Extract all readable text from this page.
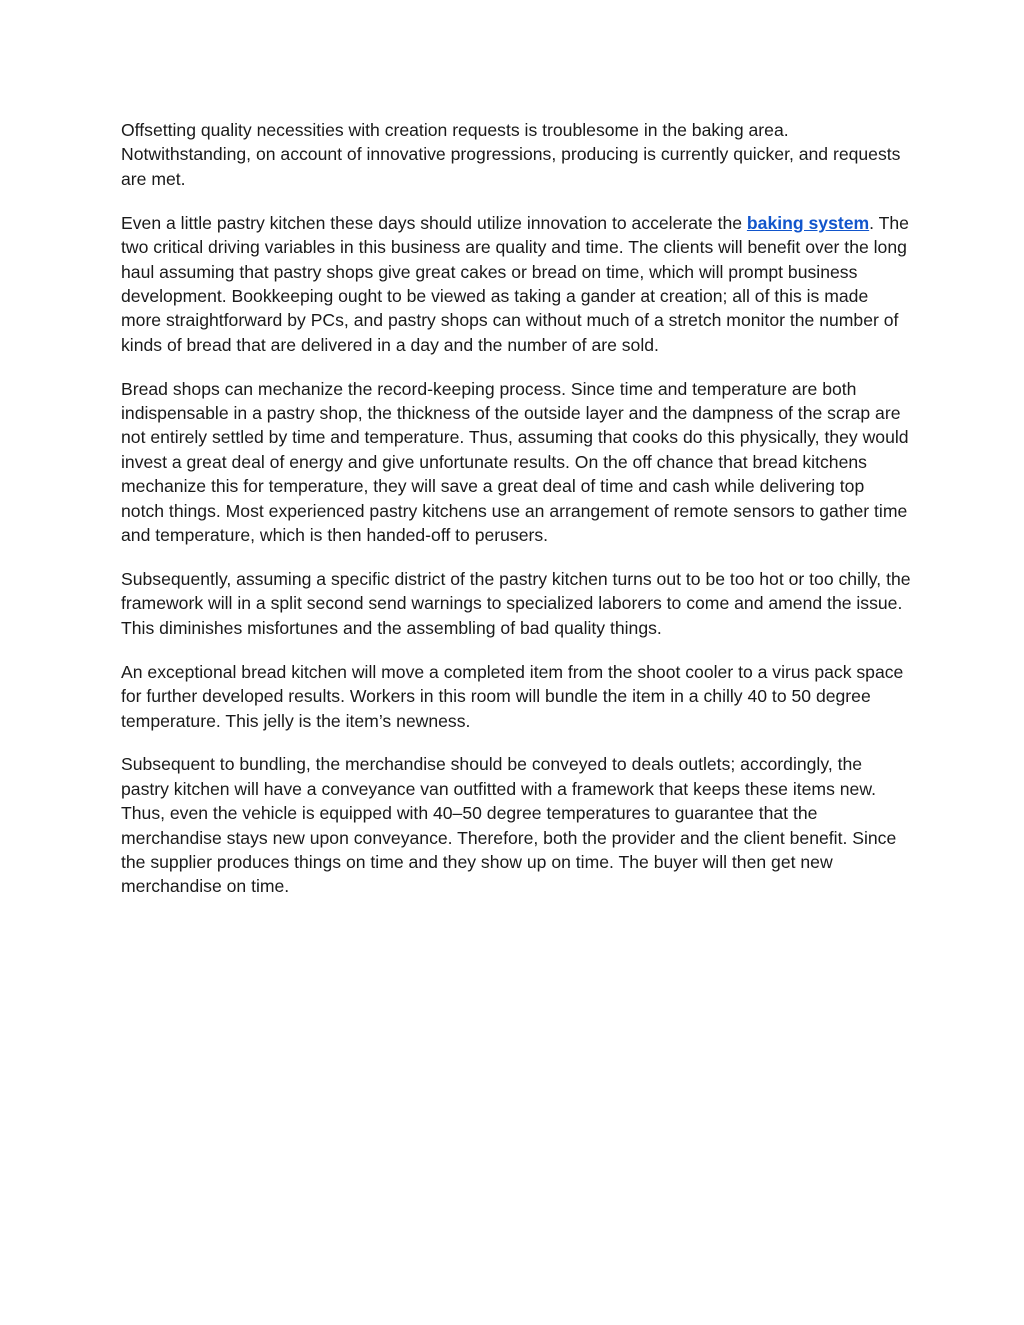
Offsetting quality necessities with creation requests is troublesome in the baking area. Notwithstanding, on account of innovative progressions, producing is currently quicker, and requests are met.

Even a little pastry kitchen these days should utilize innovation to accelerate the baking system. The two critical driving variables in this business are quality and time. The clients will benefit over the long haul assuming that pastry shops give great cakes or bread on time, which will prompt business development. Bookkeeping ought to be viewed as taking a gander at creation; all of this is made more straightforward by PCs, and pastry shops can without much of a stretch monitor the number of kinds of bread that are delivered in a day and the number of are sold.

Bread shops can mechanize the record-keeping process. Since time and temperature are both indispensable in a pastry shop, the thickness of the outside layer and the dampness of the scrap are not entirely settled by time and temperature. Thus, assuming that cooks do this physically, they would invest a great deal of energy and give unfortunate results. On the off chance that bread kitchens mechanize this for temperature, they will save a great deal of time and cash while delivering top notch things. Most experienced pastry kitchens use an arrangement of remote sensors to gather time and temperature, which is then handed-off to perusers.

Subsequently, assuming a specific district of the pastry kitchen turns out to be too hot or too chilly, the framework will in a split second send warnings to specialized laborers to come and amend the issue. This diminishes misfortunes and the assembling of bad quality things.

An exceptional bread kitchen will move a completed item from the shoot cooler to a virus pack space for further developed results. Workers in this room will bundle the item in a chilly 40 to 50 degree temperature. This jelly is the item’s newness.

Subsequent to bundling, the merchandise should be conveyed to deals outlets; accordingly, the pastry kitchen will have a conveyance van outfitted with a framework that keeps these items new. Thus, even the vehicle is equipped with 40–50 degree temperatures to guarantee that the merchandise stays new upon conveyance. Therefore, both the provider and the client benefit. Since the supplier produces things on time and they show up on time. The buyer will then get new merchandise on time.
